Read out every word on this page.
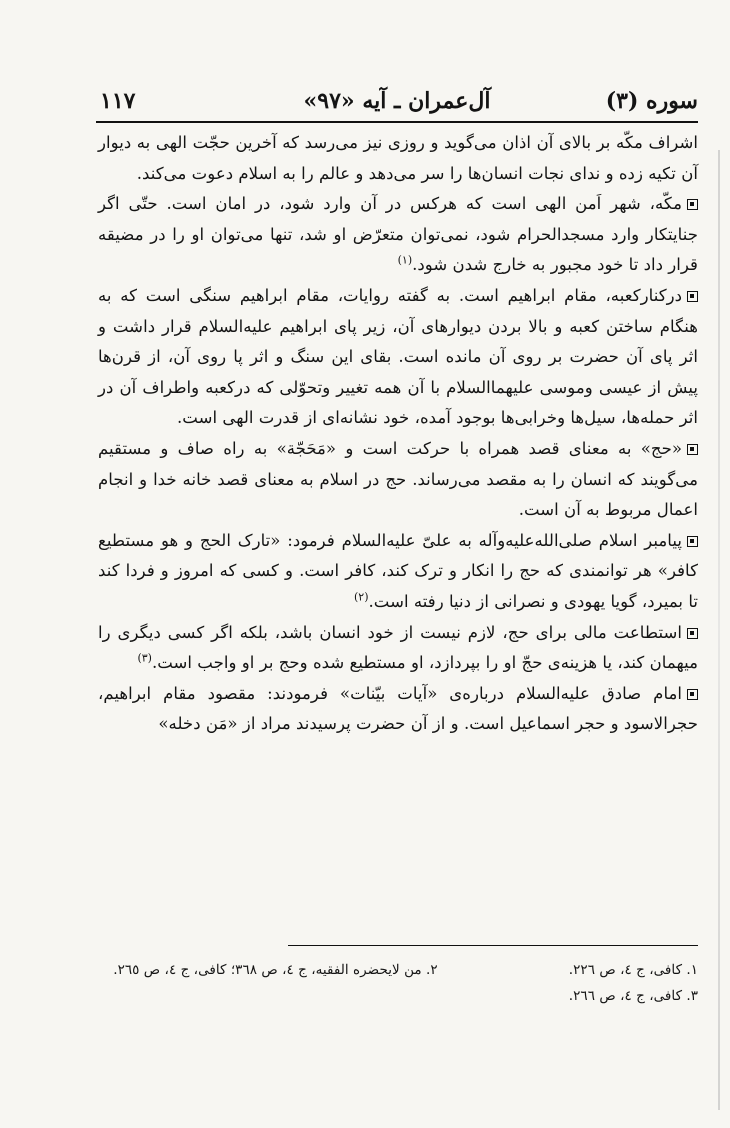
سوره (۳)
آل‌عمران ـ آیه «۹۷»
۱۱۷

اشراف مکّه بر بالای آن اذان می‌گوید و روزی نیز می‌رسد که آخرین حجّت الهی به دیوار آن تکیه زده و ندای نجات انسان‌ها را سر می‌دهد و عالم را به اسلام دعوت می‌کند.

مکّه، شهر اَمن الهی است که هرکس در آن وارد شود، در امان است. حتّی اگر جنایتکار وارد مسجدالحرام شود، نمی‌توان متعرّض او شد، تنها می‌توان او را در مضیقه قرار داد تا خود مجبور به خارج شدن شود.$^{(۱)}$

درکنارکعبه، مقام ابراهیم است. به گفته روایات، مقام ابراهیم سنگی است که به هنگام ساختن کعبه و بالا بردن دیوارهای آن، زیر پای ابراهیم علیه‌السلام قرار داشت و اثر پای آن حضرت بر روی آن مانده است. بقای این سنگ و اثر پا روی آن، از قرن‌ها پیش از عیسی وموسی علیهماالسلام با آن همه تغییر وتحوّلی که درکعبه واطراف آن در اثر حمله‌ها، سیل‌ها وخرابی‌ها بوجود آمده، خود نشانه‌ای از قدرت الهی است.

«حج» به معنای قصد همراه با حرکت است و «مَحَجّة» به راه صاف و مستقیم می‌گویند که انسان را به مقصد می‌رساند. حج در اسلام به معنای قصد خانه خدا و انجام اعمال مربوط به آن است.

پیامبر اسلام صلی‌الله‌علیه‌وآله به علیّ علیه‌السلام فرمود: «تارک الحج و هو مستطیع کافر» هر توانمندی که حج را انکار و ترک کند، کافر است. و کسی که امروز و فردا کند تا بمیرد، گویا یهودی و نصرانی از دنیا رفته است.$^{(۲)}$

استطاعت مالی برای حج، لازم نیست از خود انسان باشد، بلکه اگر کسی دیگری را میهمان کند، یا هزینه‌ی حجّ او را بپردازد، او مستطیع شده وحج بر او واجب است.$^{(۳)}$

امام صادق علیه‌السلام درباره‌ی «آیات بیّنات» فرمودند: مقصود مقام ابراهیم، حجرالاسود و حجر اسماعیل است. و از آن حضرت پرسیدند مراد از «مَن دخله»

۱. کافی، ج ٤، ص ٢٢٦. ۲. من لایحضره الفقیه، ج ٤، ص ٣٦٨؛ کافی، ج ٤، ص ٢٦٥.
۳. کافی، ج ٤، ص ٢٦٦.
